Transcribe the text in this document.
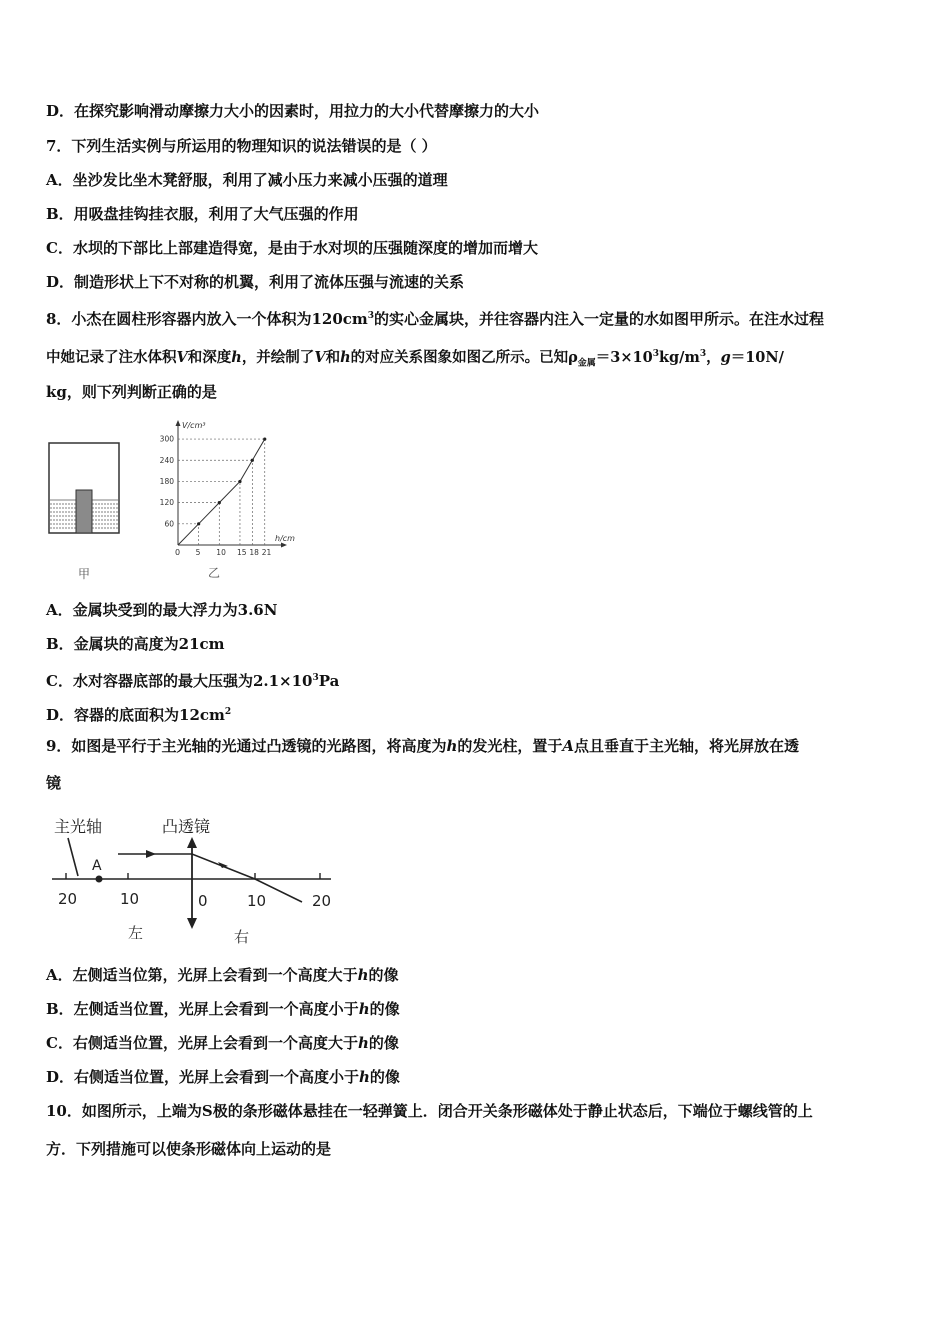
D．在探究影响滑动摩擦力大小的因素时，用拉力的大小代替摩擦力的大小
7．下列生活实例与所运用的物理知识的说法错误的是（ ）
A．坐沙发比坐木凳舒服，利用了减小压力来减小压强的道理
B．用吸盘挂钩挂衣服，利用了大气压强的作用
C．水坝的下部比上部建造得宽，是由于水对坝的压强随深度的增加而增大
D．制造形状上下不对称的机翼，利用了流体压强与流速的关系
8．小杰在圆柱形容器内放入一个体积为$120cm^3$的实心金属块，并往容器内注入一定量的水如图甲所示。在注水过程
中她记录了注水体积V和深度h，并绘制了V和h的对应关系图象如图乙所示。已知$\rho_{金属}=3\times 10^3kg/m^3$，g＝10N/
kg，则下列判断正确的是
甲
5
60
10
120
15
180
18
240
21
300
h/cm
V/cm³
0
乙
A．金属块受到的最大浮力为3.6N
B．金属块的高度为21cm
C．水对容器底部的最大压强为$2.1\times 10^3Pa$
D．容器的底面积为$12cm^2$
9．如图是平行于主光轴的光通过凸透镜的光路图，将高度为h的发光柱，置于A点且垂直于主光轴，将光屏放在透
镜
主光轴	凸透镜
A
20	10	0	10	20
左	右
A．左侧适当位第，光屏上会看到一个高度大于h的像
B．左侧适当位置，光屏上会看到一个高度小于h的像
C．右侧适当位置，光屏上会看到一个高度大于h的像
D．右侧适当位置，光屏上会看到一个高度小于h的像
10．如图所示，上端为S极的条形磁体悬挂在一轻弹簧上．闭合开关条形磁体处于静止状态后，下端位于螺线管的上
方．下列措施可以使条形磁体向上运动的是
